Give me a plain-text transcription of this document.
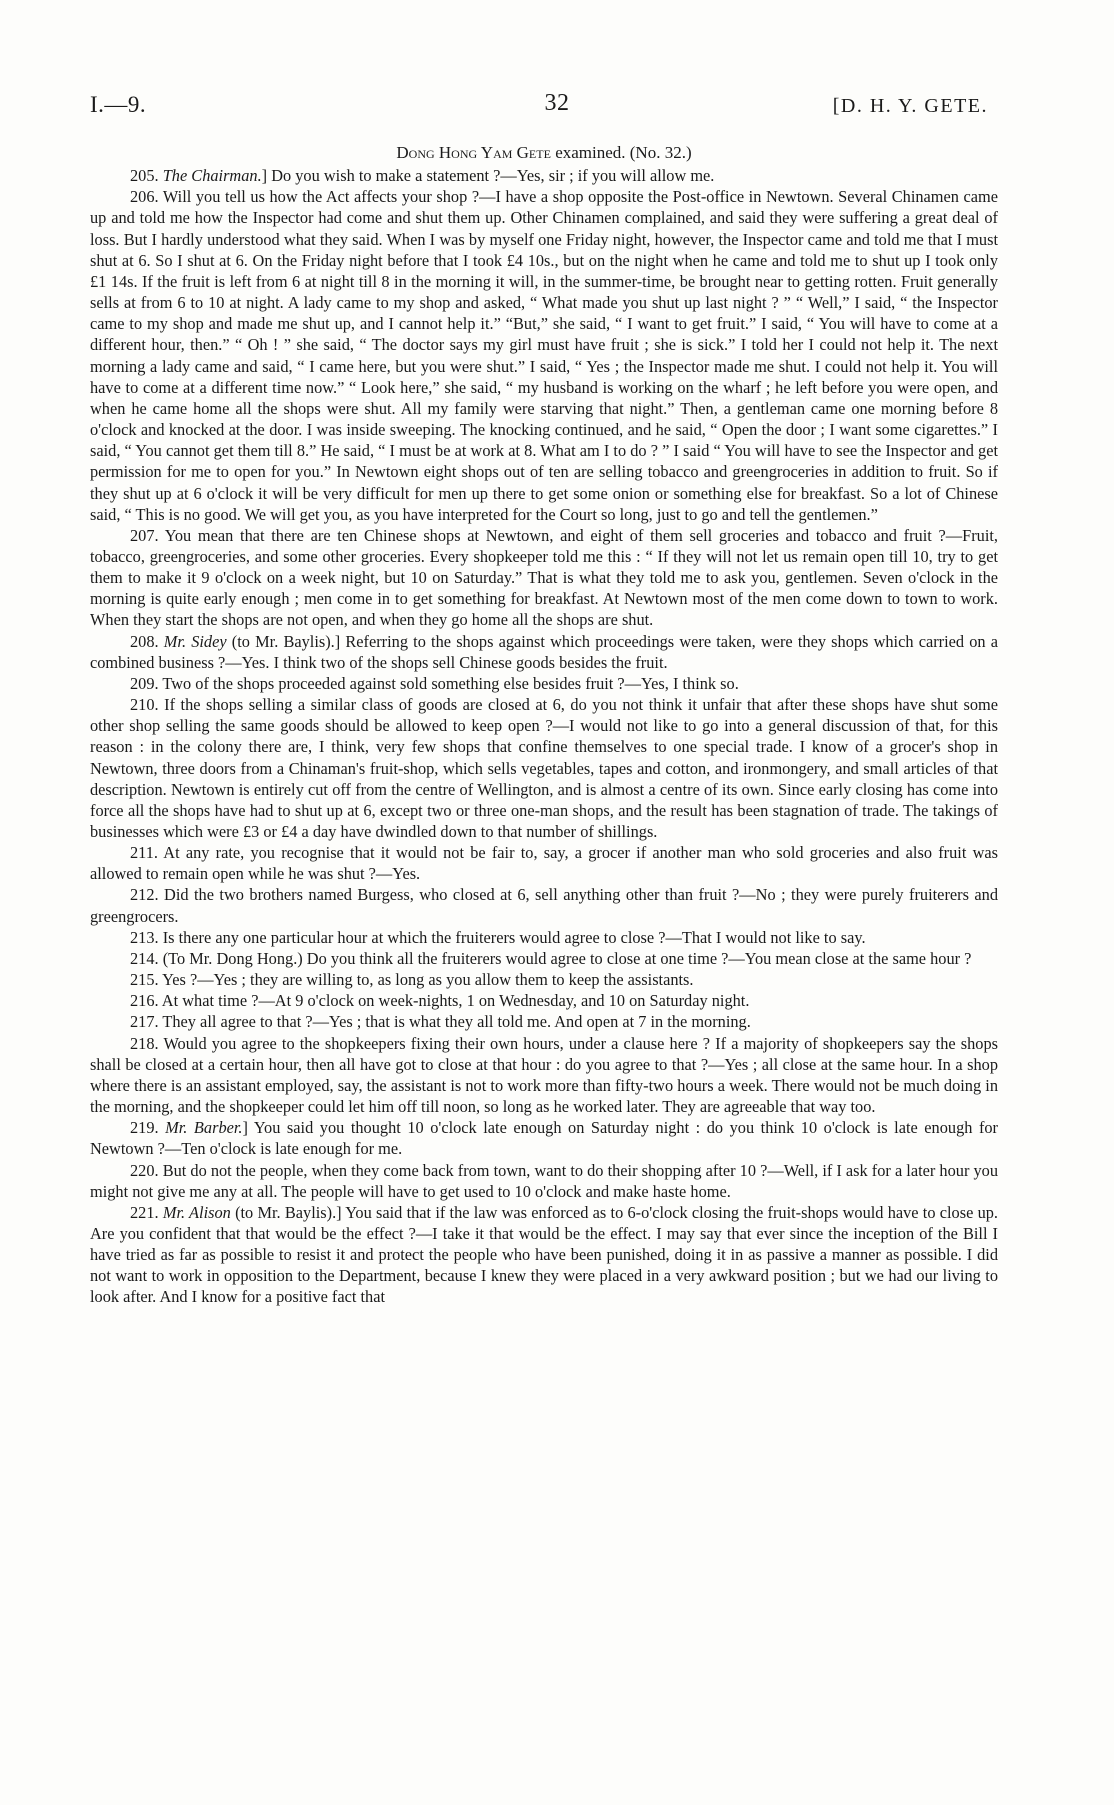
I.—9.	32	[D. H. Y. GETE.

Dong Hong Yam Gete examined. (No. 32.)

205. The Chairman.] Do you wish to make a statement ?—Yes, sir ; if you will allow me.

206. Will you tell us how the Act affects your shop ?—I have a shop opposite the Post-office in Newtown. Several Chinamen came up and told me how the Inspector had come and shut them up. Other Chinamen complained, and said they were suffering a great deal of loss. But I hardly understood what they said. When I was by myself one Friday night, however, the Inspector came and told me that I must shut at 6. So I shut at 6. On the Friday night before that I took £4 10s., but on the night when he came and told me to shut up I took only £1 14s. If the fruit is left from 6 at night till 8 in the morning it will, in the summer-time, be brought near to getting rotten. Fruit generally sells at from 6 to 10 at night. A lady came to my shop and asked, “ What made you shut up last night ? ” “ Well,” I said, “ the Inspector came to my shop and made me shut up, and I cannot help it.” “But,” she said, “ I want to get fruit.” I said, “ You will have to come at a different hour, then.” “ Oh ! ” she said, “ The doctor says my girl must have fruit ; she is sick.” I told her I could not help it. The next morning a lady came and said, “ I came here, but you were shut.” I said, “ Yes ; the Inspector made me shut. I could not help it. You will have to come at a different time now.” “ Look here,” she said, “ my husband is working on the wharf ; he left before you were open, and when he came home all the shops were shut. All my family were starving that night.” Then, a gentleman came one morning before 8 o'clock and knocked at the door. I was inside sweeping. The knocking continued, and he said, “ Open the door ; I want some cigarettes.” I said, “ You cannot get them till 8.” He said, “ I must be at work at 8. What am I to do ? ” I said “ You will have to see the Inspector and get permission for me to open for you.” In Newtown eight shops out of ten are selling tobacco and greengroceries in addition to fruit. So if they shut up at 6 o'clock it will be very difficult for men up there to get some onion or something else for breakfast. So a lot of Chinese said, “ This is no good. We will get you, as you have interpreted for the Court so long, just to go and tell the gentlemen.”

207. You mean that there are ten Chinese shops at Newtown, and eight of them sell groceries and tobacco and fruit ?—Fruit, tobacco, greengroceries, and some other groceries. Every shopkeeper told me this : “ If they will not let us remain open till 10, try to get them to make it 9 o'clock on a week night, but 10 on Saturday.” That is what they told me to ask you, gentlemen. Seven o'clock in the morning is quite early enough ; men come in to get something for breakfast. At Newtown most of the men come down to town to work. When they start the shops are not open, and when they go home all the shops are shut.

208. Mr. Sidey (to Mr. Baylis).] Referring to the shops against which proceedings were taken, were they shops which carried on a combined business ?—Yes. I think two of the shops sell Chinese goods besides the fruit.

209. Two of the shops proceeded against sold something else besides fruit ?—Yes, I think so.

210. If the shops selling a similar class of goods are closed at 6, do you not think it unfair that after these shops have shut some other shop selling the same goods should be allowed to keep open ?—I would not like to go into a general discussion of that, for this reason : in the colony there are, I think, very few shops that confine themselves to one special trade. I know of a grocer's shop in Newtown, three doors from a Chinaman's fruit-shop, which sells vegetables, tapes and cotton, and ironmongery, and small articles of that description. Newtown is entirely cut off from the centre of Wellington, and is almost a centre of its own. Since early closing has come into force all the shops have had to shut up at 6, except two or three one-man shops, and the result has been stagnation of trade. The takings of businesses which were £3 or £4 a day have dwindled down to that number of shillings.

211. At any rate, you recognise that it would not be fair to, say, a grocer if another man who sold groceries and also fruit was allowed to remain open while he was shut ?—Yes.

212. Did the two brothers named Burgess, who closed at 6, sell anything other than fruit ?—No ; they were purely fruiterers and greengrocers.

213. Is there any one particular hour at which the fruiterers would agree to close ?—That I would not like to say.

214. (To Mr. Dong Hong.) Do you think all the fruiterers would agree to close at one time ?—You mean close at the same hour ?

215. Yes ?—Yes ; they are willing to, as long as you allow them to keep the assistants.

216. At what time ?—At 9 o'clock on week-nights, 1 on Wednesday, and 10 on Saturday night.

217. They all agree to that ?—Yes ; that is what they all told me. And open at 7 in the morning.

218. Would you agree to the shopkeepers fixing their own hours, under a clause here ? If a majority of shopkeepers say the shops shall be closed at a certain hour, then all have got to close at that hour : do you agree to that ?—Yes ; all close at the same hour. In a shop where there is an assistant employed, say, the assistant is not to work more than fifty-two hours a week. There would not be much doing in the morning, and the shopkeeper could let him off till noon, so long as he worked later. They are agreeable that way too.

219. Mr. Barber.] You said you thought 10 o'clock late enough on Saturday night : do you think 10 o'clock is late enough for Newtown ?—Ten o'clock is late enough for me.

220. But do not the people, when they come back from town, want to do their shopping after 10 ?—Well, if I ask for a later hour you might not give me any at all. The people will have to get used to 10 o'clock and make haste home.

221. Mr. Alison (to Mr. Baylis).] You said that if the law was enforced as to 6-o'clock closing the fruit-shops would have to close up. Are you confident that that would be the effect ?—I take it that would be the effect. I may say that ever since the inception of the Bill I have tried as far as possible to resist it and protect the people who have been punished, doing it in as passive a manner as possible. I did not want to work in opposition to the Department, because I knew they were placed in a very awkward position ; but we had our living to look after. And I know for a positive fact that
